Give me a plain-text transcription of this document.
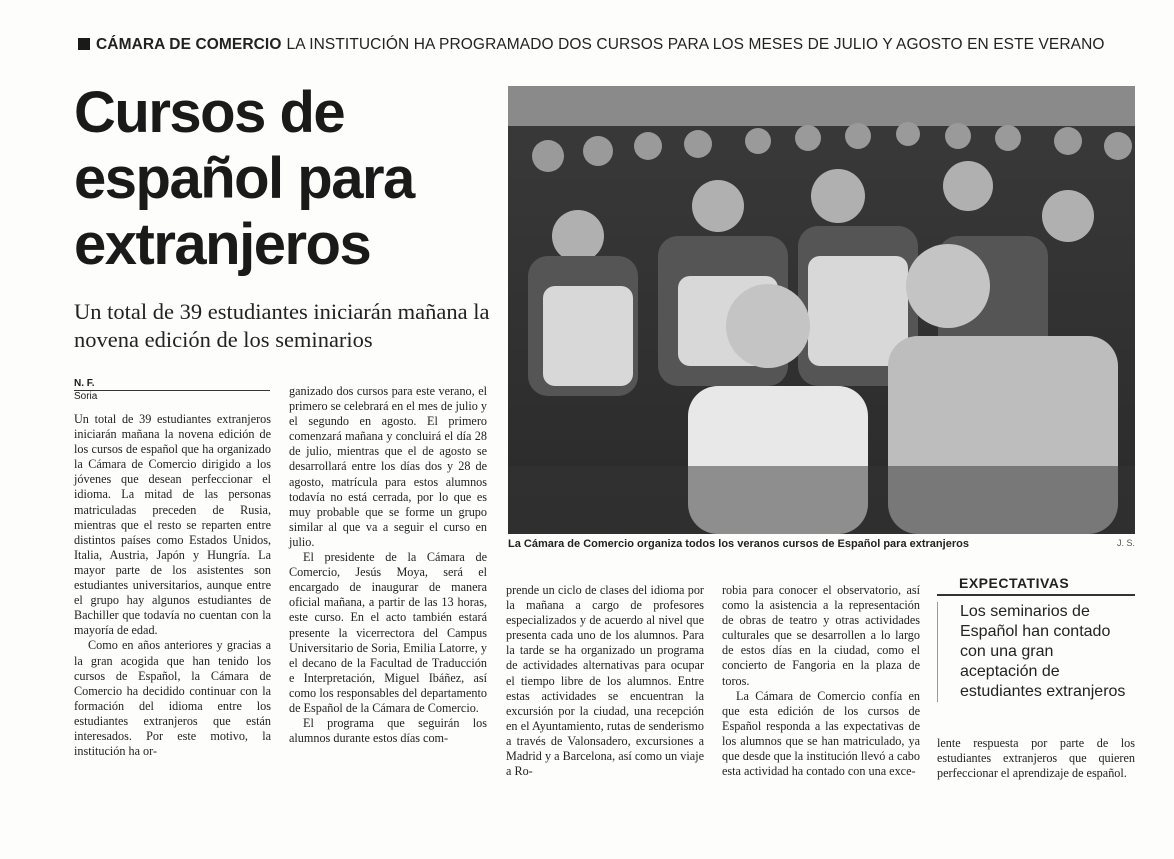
CÁMARA DE COMERCIO LA INSTITUCIÓN HA PROGRAMADO DOS CURSOS PARA LOS MESES DE JULIO Y AGOSTO EN ESTE VERANO
Cursos de español para extranjeros
Un total de 39 estudiantes iniciarán mañana la novena edición de los seminarios
N. F.
Soria

Un total de 39 estudiantes extranjeros iniciarán mañana la novena edición de los cursos de español que ha organizado la Cámara de Comercio dirigido a los jóvenes que desean perfeccionar el idioma. La mitad de las personas matriculadas preceden de Rusia, mientras que el resto se reparten entre distintos países como Estados Unidos, Italia, Austria, Japón y Hungría. La mayor parte de los asistentes son estudiantes universitarios, aunque entre el grupo hay algunos estudiantes de Bachiller que todavía no cuentan con la mayoría de edad.

Como en años anteriores y gracias a la gran acogida que han tenido los cursos de Español, la Cámara de Comercio ha decidido continuar con la formación del idioma entre los estudiantes extranjeros que están interesados. Por este motivo, la institución ha or-

ganizado dos cursos para este verano, el primero se celebrará en el mes de julio y el segundo en agosto. El primero comenzará mañana y concluirá el día 28 de julio, mientras que el de agosto se desarrollará entre los días dos y 28 de agosto, matrícula para estos alumnos todavía no está cerrada, por lo que es muy probable que se forme un grupo similar al que va a seguir el curso en julio.

El presidente de la Cámara de Comercio, Jesús Moya, será el encargado de inaugurar de manera oficial mañana, a partir de las 13 horas, este curso. En el acto también estará presente la vicerrectora del Campus Universitario de Soria, Emilia Latorre, y el decano de la Facultad de Traducción e Interpretación, Miguel Ibáñez, así como los responsables del departamento de Español de la Cámara de Comercio.

El programa que seguirán los alumnos durante estos días com-

La Cámara de Comercio organiza todos los veranos cursos de Español para extranjeros	J. S.

prende un ciclo de clases del idioma por la mañana a cargo de profesores especializados y de acuerdo al nivel que presenta cada uno de los alumnos. Para la tarde se ha organizado un programa de actividades alternativas para ocupar el tiempo libre de los alumnos. Entre estas actividades se encuentran la excursión por la ciudad, una recepción en el Ayuntamiento, rutas de senderismo a través de Valonsadero, excursiones a Madrid y a Barcelona, así como un viaje a Ro-

robia para conocer el observatorio, así como la asistencia a la representación de obras de teatro y otras actividades culturales que se desarrollen a lo largo de estos días en la ciudad, como el concierto de Fangoria en la plaza de toros.

La Cámara de Comercio confía en que esta edición de los cursos de Español responda a las expectativas de los alumnos que se han matriculado, ya que desde que la institución llevó a cabo esta actividad ha contado con una exce-

EXPECTATIVAS

Los seminarios de Español han contado con una gran aceptación de estudiantes extranjeros

lente respuesta por parte de los estudiantes extranjeros que quieren perfeccionar el aprendizaje de español.
